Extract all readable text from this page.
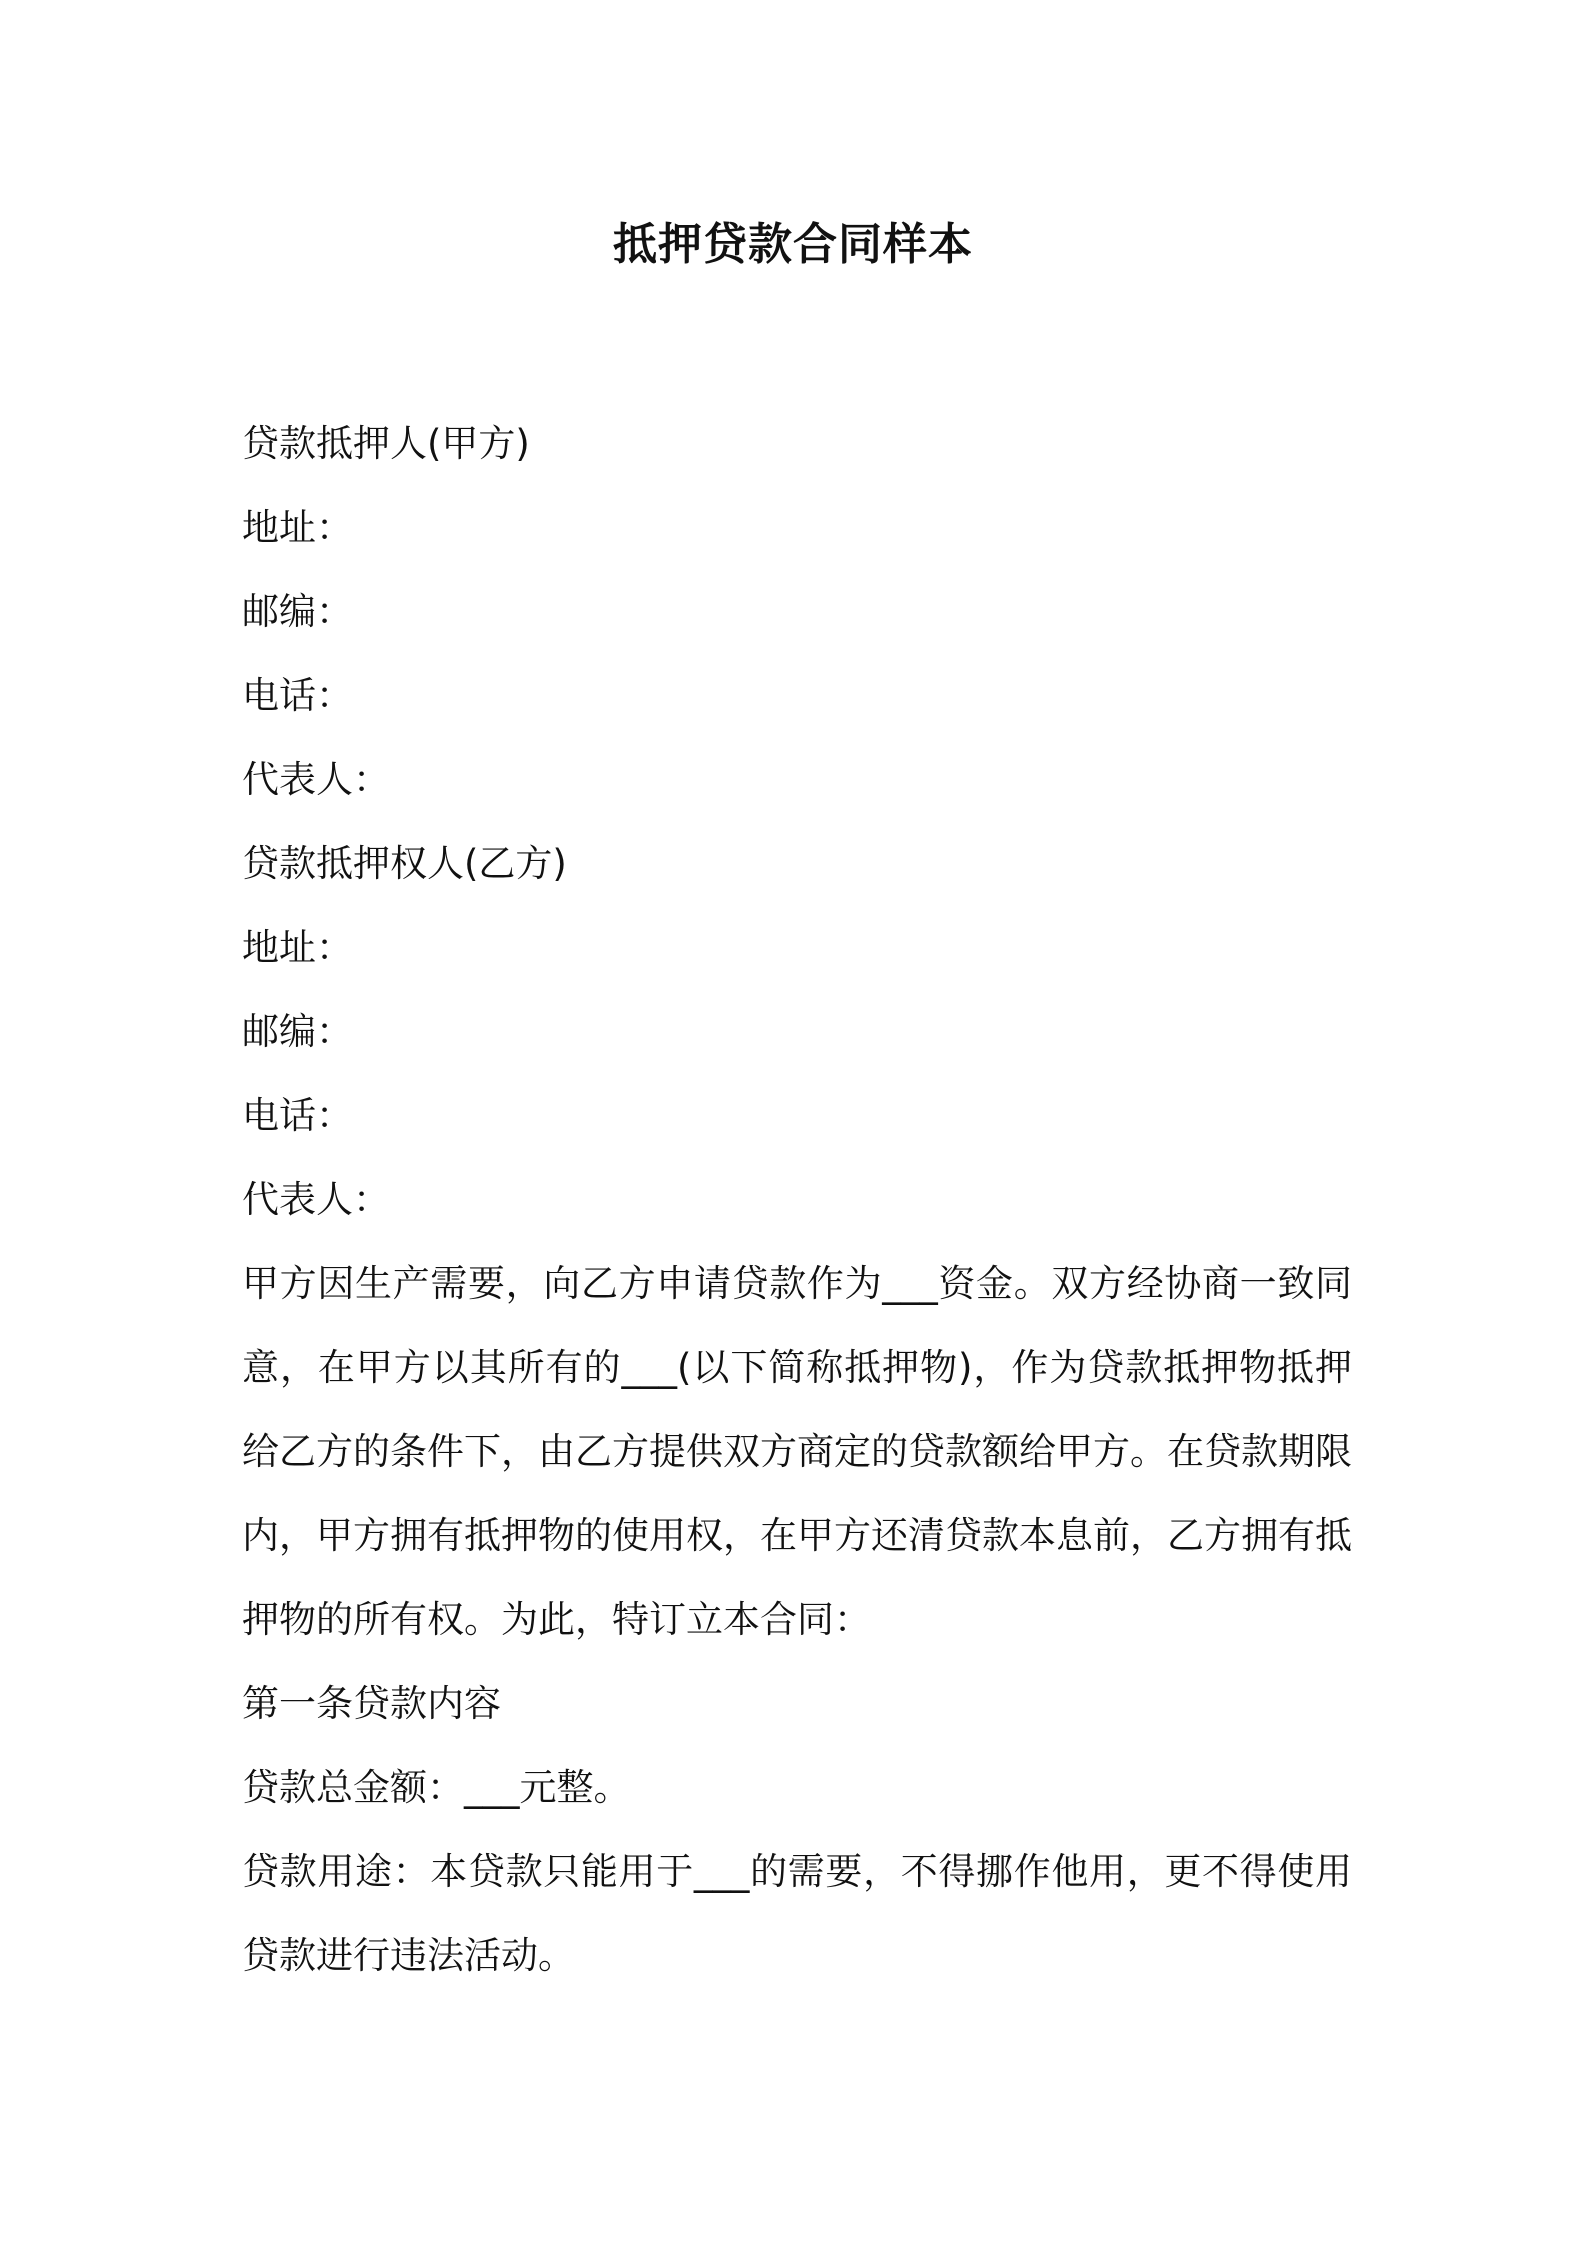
抵押贷款合同样本

贷款抵押人(甲方)

地址：

邮编：

电话：

代表人：

贷款抵押权人(乙方)

地址：

邮编：

电话：

代表人：

甲方因生产需要，向乙方申请贷款作为___资金。双方经协商一致同意，在甲方以其所有的___(以下简称抵押物)，作为贷款抵押物抵押给乙方的条件下，由乙方提供双方商定的贷款额给甲方。在贷款期限内，甲方拥有抵押物的使用权，在甲方还清贷款本息前，乙方拥有抵押物的所有权。为此，特订立本合同：

第一条贷款内容

贷款总金额：___元整。

贷款用途：本贷款只能用于___的需要，不得挪作他用，更不得使用贷款进行违法活动。
